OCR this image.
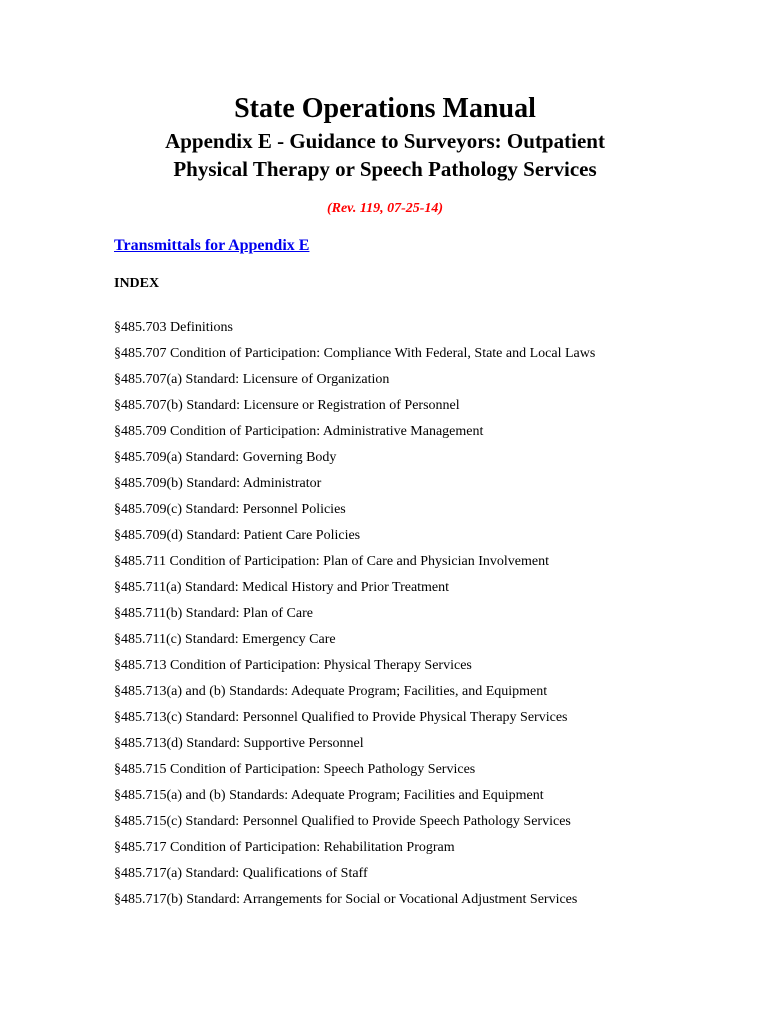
State Operations Manual
Appendix E - Guidance to Surveyors: Outpatient
Physical Therapy or Speech Pathology Services
(Rev. 119, 07-25-14)
Transmittals for Appendix E
INDEX
§485.703 Definitions
§485.707 Condition of Participation: Compliance With Federal, State and Local Laws
§485.707(a) Standard: Licensure of Organization
§485.707(b) Standard: Licensure or Registration of Personnel
§485.709 Condition of Participation: Administrative Management
§485.709(a) Standard: Governing Body
§485.709(b) Standard: Administrator
§485.709(c) Standard: Personnel Policies
§485.709(d) Standard: Patient Care Policies
§485.711 Condition of Participation: Plan of Care and Physician Involvement
§485.711(a) Standard: Medical History and Prior Treatment
§485.711(b) Standard: Plan of Care
§485.711(c) Standard: Emergency Care
§485.713 Condition of Participation: Physical Therapy Services
§485.713(a) and (b) Standards: Adequate Program; Facilities, and Equipment
§485.713(c) Standard: Personnel Qualified to Provide Physical Therapy Services
§485.713(d) Standard: Supportive Personnel
§485.715 Condition of Participation: Speech Pathology Services
§485.715(a) and (b) Standards: Adequate Program; Facilities and Equipment
§485.715(c) Standard: Personnel Qualified to Provide Speech Pathology Services
§485.717 Condition of Participation: Rehabilitation Program
§485.717(a) Standard: Qualifications of Staff
§485.717(b) Standard: Arrangements for Social or Vocational Adjustment Services
